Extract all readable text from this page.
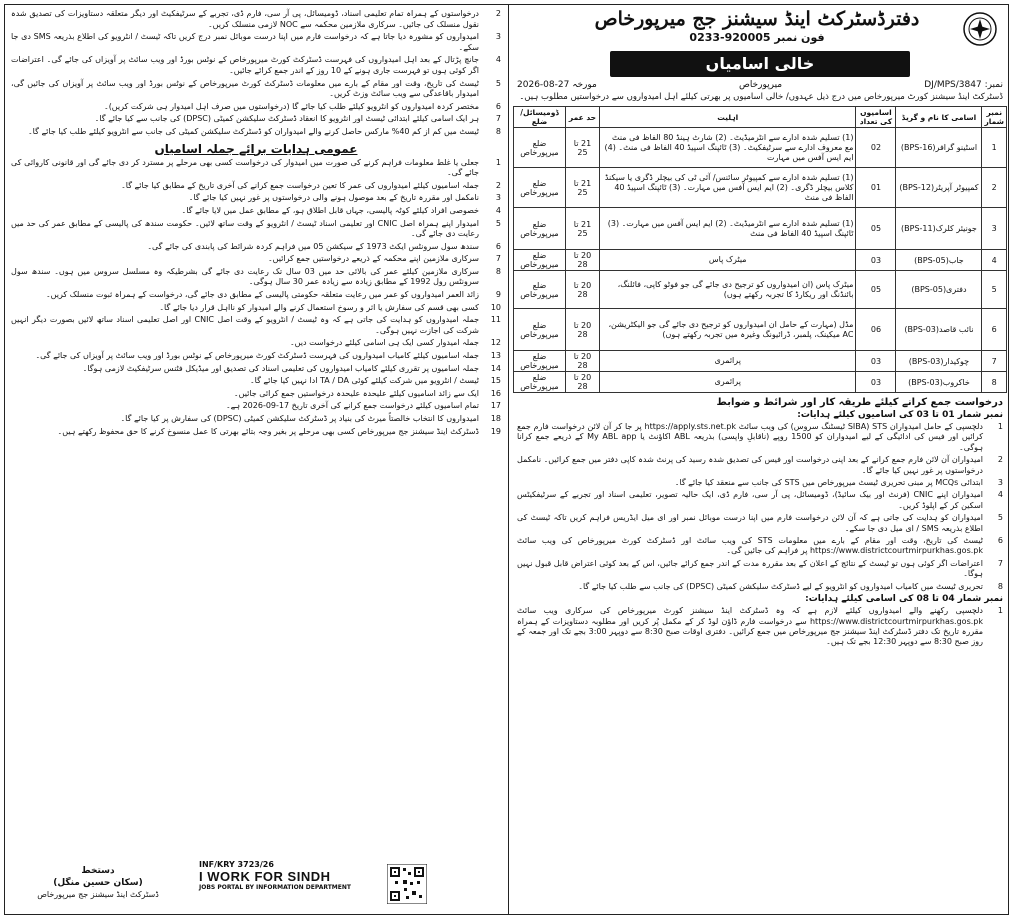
دفترڈسٹرکٹ اینڈ سیشنز جج میرپورخاص
فون نمبر 920005-0233
خالی اسامیاں
نمبر: DJ/MPS/3847
میرپورخاص
مورخہ 27-08-2026
ڈسٹرکٹ اینڈ سیشنز کورٹ میرپورخاص میں درج ذیل عہدوں/ خالی اسامیوں پر بھرتی کیلئے اہل امیدواروں سے درخواستیں مطلوب ہیں۔
نمبر شمار	اسامی کا نام و گریڈ	اسامیوں کی تعداد	اہلیت	حد عمر	ڈومیسائل/ضلع
1	اسٹینو گرافر(BPS-16)	02	(1) تسلیم شدہ ادارے سے انٹرمیڈیٹ۔ (2) شارٹ ہینڈ 80 الفاظ فی منٹ مع معروف ادارے سے سرٹیفکیٹ۔ (3) ٹائپنگ اسپیڈ 40 الفاظ فی منٹ۔ (4) ایم ایس آفس میں مہارت	21 تا 25	ضلع میرپورخاص
2	کمپیوٹر آپریٹر(BPS-12)	01	(1) تسلیم شدہ ادارے سے کمپیوٹر سائنس/ آئی ٹی کی بیچلر ڈگری یا سیکنڈ کلاس بیچلر ڈگری۔ (2) ایم ایس آفس میں مہارت۔ (3) ٹائپنگ اسپیڈ 40 الفاظ فی منٹ	21 تا 25	ضلع میرپورخاص
3	جونیئر کلرک(BPS-11)	05	(1) تسلیم شدہ ادارے سے انٹرمیڈیٹ۔ (2) ایم ایس آفس میں مہارت۔ (3) ٹائپنگ اسپیڈ 40 الفاظ فی منٹ	21 تا 25	ضلع میرپورخاص
4	جاب(BPS-05)	03	میٹرک پاس	20 تا 28	ضلع میرپورخاص
5	دفتری(BPS-05)	05	میٹرک پاس (ان امیدواروں کو ترجیح دی جائے گی جو فوٹو کاپی، فائلنگ، بائنڈنگ اور ریکارڈ کا تجربہ رکھتے ہوں)	20 تا 28	ضلع میرپورخاص
6	نائب قاصد(BPS-03)	06	مڈل (مہارت کے حامل ان امیدواروں کو ترجیح دی جائے گی جو الیکٹریشن، AC میکینک، پلمبر، ڈرائیونگ وغیرہ میں تجربہ رکھتے ہوں)	20 تا 28	ضلع میرپورخاص
7	چوکیدار(BPS-03)	03	پرائمری	20 تا 28	ضلع میرپورخاص
8	خاکروب(BPS-03)	03	پرائمری	20 تا 28	ضلع میرپورخاص
درخواست جمع کرانے کیلئے طریقہ کار اور شرائط و ضوابط
نمبر شمار 01 تا 03 کی اسامیوں کیلئے ہدایات:
1
دلچسپی کے حامل امیدواران SIBA) STS ٹیسٹنگ سروس) کی ویب سائٹ https://apply.sts.net.pk پر جا کر آن لائن درخواست فارم جمع کرائیں اور فیس کی ادائیگی کے لیے امیدواران کو 1500 روپے (ناقابلِ واپسی) بذریعہ ABL اکاؤنٹ یا My ABL app کے ذریعے جمع کرانا ہوگی۔
2
امیدواران آن لائن فارم جمع کرانے کے بعد اپنی درخواست اور فیس کی تصدیق شدہ رسید کی پرنٹ شدہ کاپی دفتر میں جمع کرائیں۔ نامکمل درخواستوں پر غور نہیں کیا جائے گا۔
3
ابتدائی MCQs پر مبنی تحریری ٹیسٹ میرپورخاص میں STS کی جانب سے منعقد کیا جائے گا۔
4
امیدواران اپنے CNIC (فرنٹ اور بیک سائیڈ)، ڈومیسائل، پی آر سی، فارم ڈی، ایک حالیہ تصویر، تعلیمی اسناد اور تجربے کے سرٹیفکیٹس اسکین کر کے اپلوڈ کریں۔
5
امیدواران کو ہدایت کی جاتی ہے کہ آن لائن درخواست فارم میں اپنا درست موبائل نمبر اور ای میل ایڈریس فراہم کریں تاکہ ٹیسٹ کی اطلاع بذریعہ SMS / ای میل دی جا سکے۔
6
ٹیسٹ کی تاریخ، وقت اور مقام کے بارے میں معلومات STS کی ویب سائٹ اور ڈسٹرکٹ کورٹ میرپورخاص کی ویب سائٹ https://www.districtcourtmirpurkhas.gos.pk پر فراہم کی جائیں گی۔
7
اعتراضات اگر کوئی ہوں تو ٹیسٹ کے نتائج کے اعلان کے بعد مقررہ مدت کے اندر جمع کرائے جائیں، اس کے بعد کوئی اعتراض قابل قبول نہیں ہوگا۔
8
تحریری ٹیسٹ میں کامیاب امیدواروں کو انٹرویو کے لیے ڈسٹرکٹ سلیکشن کمیٹی (DPSC) کی جانب سے طلب کیا جائے گا۔
نمبر شمار 04 تا 08 کی اسامی کیلئے ہدایات:
1
دلچسپی رکھنے والے امیدواروں کیلئے لازم ہے کہ وہ ڈسٹرکٹ اینڈ سیشنز کورٹ میرپورخاص کی سرکاری ویب سائٹ https://www.districtcourtmirpurkhas.gos.pk سے درخواست فارم ڈاؤن لوڈ کر کے مکمل پُر کریں اور مطلوبہ دستاویزات کے ہمراہ مقررہ تاریخ تک دفتر ڈسٹرکٹ اینڈ سیشنز جج میرپورخاص میں جمع کرائیں۔ دفتری اوقات صبح 8:30 سے دوپہر 3:00 بجے تک اور جمعہ کے روز صبح 8:30 سے دوپہر 12:30 بجے تک ہیں۔
2
درخواستوں کے ہمراہ تمام تعلیمی اسناد، ڈومیسائل، پی آر سی، فارم ڈی، تجربے کے سرٹیفکیٹ اور دیگر متعلقہ دستاویزات کی تصدیق شدہ نقول منسلک کی جائیں۔ سرکاری ملازمین محکمہ سے NOC لازمی منسلک کریں۔
3
امیدواروں کو مشورہ دیا جاتا ہے کہ درخواست فارم میں اپنا درست موبائل نمبر درج کریں تاکہ ٹیسٹ / انٹرویو کی اطلاع بذریعہ SMS دی جا سکے۔
4
جانچ پڑتال کے بعد اہل امیدواروں کی فہرست ڈسٹرکٹ کورٹ میرپورخاص کے نوٹس بورڈ اور ویب سائٹ پر آویزاں کی جائے گی۔ اعتراضات اگر کوئی ہوں تو فہرست جاری ہونے کے 10 روز کے اندر جمع کرائے جائیں۔
5
ٹیسٹ کی تاریخ، وقت اور مقام کے بارے میں معلومات ڈسٹرکٹ کورٹ میرپورخاص کے نوٹس بورڈ اور ویب سائٹ پر آویزاں کی جائیں گی، امیدوار باقاعدگی سے ویب سائٹ وزٹ کریں۔
6
مختصر کردہ امیدواروں کو انٹرویو کیلئے طلب کیا جائے گا (درخواستوں میں صرف اہل امیدوار ہی شرکت کریں)۔
7
ہر ایک اسامی کیلئے ابتدائی ٹیسٹ اور انٹرویو کا انعقاد ڈسٹرکٹ سلیکشن کمیٹی (DPSC) کی جانب سے کیا جائے گا۔
8
ٹیسٹ میں کم از کم 40% مارکس حاصل کرنے والے امیدواران کو ڈسٹرکٹ سلیکشن کمیٹی کی جانب سے انٹرویو کیلئے طلب کیا جائے گا۔
عمومی ہدایات برائے جملہ اسامیاں
1
جعلی یا غلط معلومات فراہم کرنے کی صورت میں امیدوار کی درخواست کسی بھی مرحلے پر مسترد کر دی جائے گی اور قانونی کاروائی کی جائے گی۔
2
جملہ اسامیوں کیلئے امیدواروں کی عمر کا تعین درخواست جمع کرانے کی آخری تاریخ کے مطابق کیا جائے گا۔
3
نامکمل اور مقررہ تاریخ کے بعد موصول ہونے والی درخواستوں پر غور نہیں کیا جائے گا۔
4
خصوصی افراد کیلئے کوٹہ پالیسی، جہاں قابل اطلاق ہو، کے مطابق عمل میں لایا جائے گا۔
5
امیدوار اپنے ہمراہ اصل CNIC اور تعلیمی اسناد ٹیسٹ / انٹرویو کے وقت ساتھ لائیں۔ حکومت سندھ کی پالیسی کے مطابق عمر کی حد میں رعایت دی جائے گی۔
6
سندھ سول سرونٹس ایکٹ 1973 کے سیکشن 05 میں فراہم کردہ شرائط کی پابندی کی جائے گی۔
7
سرکاری ملازمین اپنے محکمہ کے ذریعے درخواستیں جمع کرائیں۔
8
سرکاری ملازمین کیلئے عمر کی بالائی حد میں 03 سال تک رعایت دی جائے گی بشرطیکہ وہ مسلسل سروس میں ہوں۔ سندھ سول سرونٹس رول 1992 کے مطابق زیادہ سے زیادہ عمر 30 سال ہوگی۔
9
زائد العمر امیدواروں کو عمر میں رعایت متعلقہ حکومتی پالیسی کے مطابق دی جائے گی، درخواست کے ہمراہ ثبوت منسلک کریں۔
10
کسی بھی قسم کی سفارش یا اثر و رسوخ استعمال کرنے والے امیدوار کو نااہل قرار دیا جائے گا۔
11
جملہ امیدواروں کو ہدایت کی جاتی ہے کہ وہ ٹیسٹ / انٹرویو کے وقت اصل CNIC اور اصل تعلیمی اسناد ساتھ لائیں بصورت دیگر انہیں شرکت کی اجازت نہیں ہوگی۔
12
جملہ امیدوار کسی ایک ہی اسامی کیلئے درخواست دیں۔
13
جملہ اسامیوں کیلئے کامیاب امیدواروں کی فہرست ڈسٹرکٹ کورٹ میرپورخاص کے نوٹس بورڈ اور ویب سائٹ پر آویزاں کی جائے گی۔
14
جملہ اسامیوں پر تقرری کیلئے کامیاب امیدواروں کی تعلیمی اسناد کی تصدیق اور میڈیکل فٹنس سرٹیفکیٹ لازمی ہوگا۔
15
ٹیسٹ / انٹرویو میں شرکت کیلئے کوئی TA / DA ادا نہیں کیا جائے گا۔
16
ایک سے زائد اسامیوں کیلئے علیحدہ علیحدہ درخواستیں جمع کرائی جائیں۔
17
تمام اسامیوں کیلئے درخواست جمع کرانے کی آخری تاریخ 17-09-2026 ہے۔
18
امیدواروں کا انتخاب خالصتاً میرٹ کی بنیاد پر ڈسٹرکٹ سلیکشن کمیٹی (DPSC) کی سفارش پر کیا جائے گا۔
19
ڈسٹرکٹ اینڈ سیشنز جج میرپورخاص کسی بھی مرحلے پر بغیر وجہ بتائے بھرتی کا عمل منسوخ کرنے کا حق محفوظ رکھتے ہیں۔
دستخط
(سکان حسین منگل)
ڈسٹرکٹ اینڈ سیشنز جج میرپورخاص
INF/KRY 3723/26
I WORK FOR SINDH
JOBS PORTAL BY INFORMATION DEPARTMENT
